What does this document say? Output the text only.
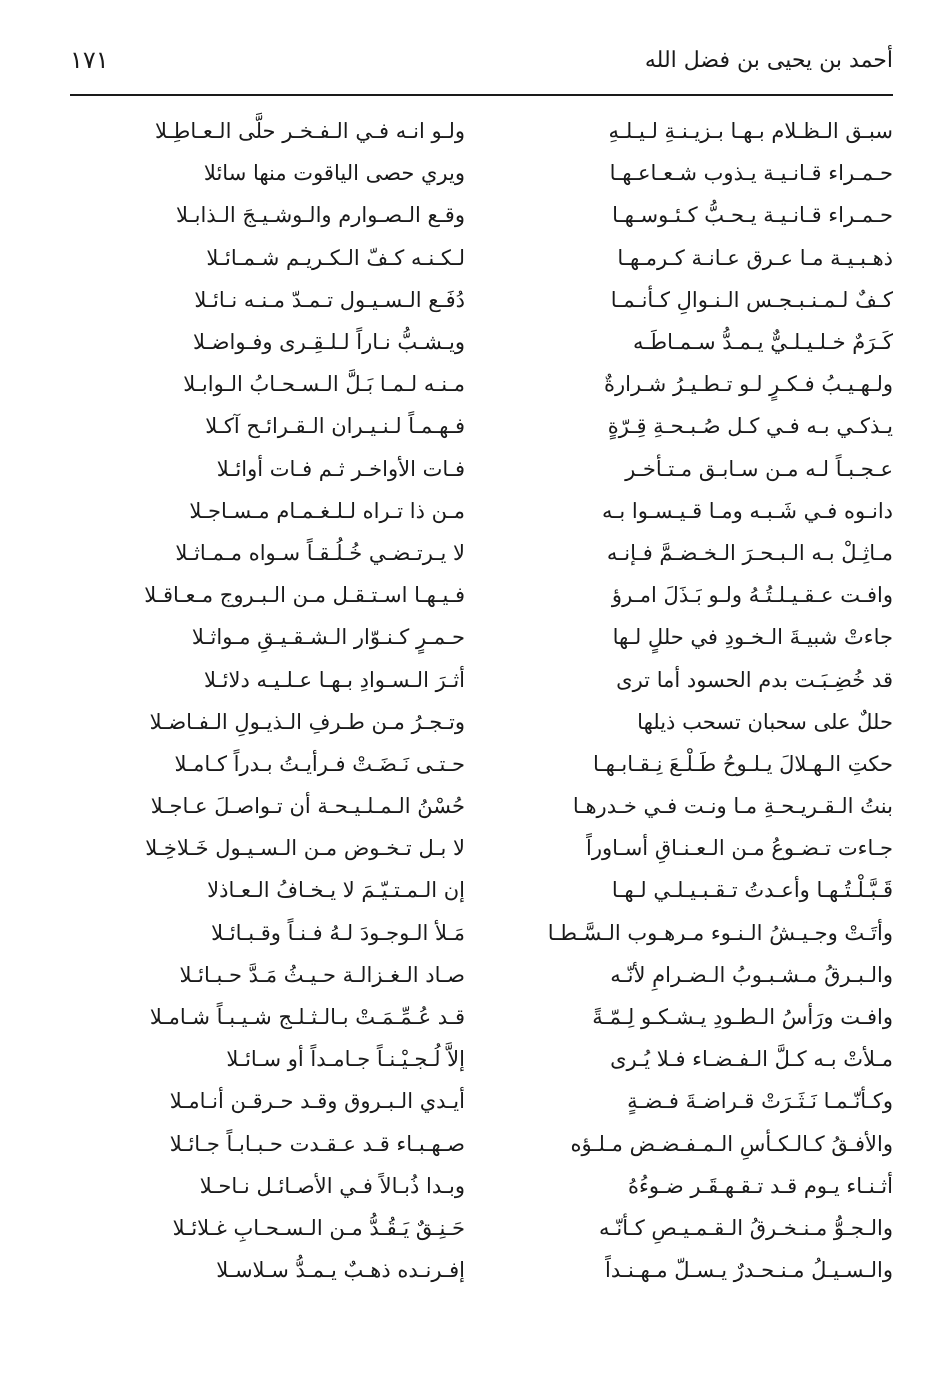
أحمد بن يحيى بن فضل الله
١٧١
سبـق الـظـلام بـهـا بـزيـنـةِ لـيـلـهِ
ولـو انـه فـي الـفـخـر حلَّى الـعـاطِـلا
حـمـراء قـانـيـة يـذوب شـعـاعـهـا
ويري حصى الياقوت منها سائلا
حـمـراء قـانـيـة يـحـبُّ كـئـوسـهـا
وقـع الـصـوارم والـوشـيـجَ الـذابـلا
ذهـبـيـة مـا عـرق عـانـة كـرمـهـا
لـكـنـه كـفّ الـكـريـم شـمـائـلا
كـفٌ لـمـنـبـجـس الـنـوالِ كـأنـمـا
دُفَـع الـسـيـول تـمـدّ مـنـه نـائـلا
كَـرَمٌ خـلـيـلـيٌّ يـمـدُّ سـمـاطَـه
ويـشـبُّ نـاراً لـلـقِـرى وفـواضـلا
ولـهـيـبُ فـكـرٍ لـو تـطـيـرُ شـرارةٌ
مـنـه لـمـا بَـلَّ الـسـحـابُ الـوابـلا
يـذكـي بـه فـي كـل صُـبـحـةِ قِـرّةٍ
فـهـمـاً لـنـيـران الـقـرائـح آكـلا
عـجـبـاً لـه مـن سـابـق مـتـأخـر
فـات الأواخـر ثـم فـات أوائـلا
دانـوه فـي شَـبـه ومـا قـيـسـوا بـه
مـن ذا تـراه لـلـغـمـام مـسـاجـلا
مـاثِـلْ بـه الـبـحـرَ الـخـضـمَّ فـإنـه
لا يـرتـضـي خُـلُـقـاً سـواه مـمـاثـلا
وافـت عـقـيـلـتُـهُ ولـو بَـذَلَ امـرؤ
فـيـهـا اسـتـقـل مـن الـبـروج مـعـاقـلا
جاءتْ شبيـةَ الـخـودِ في حللٍ لـها
حـمـرٍ كـنـوّار الـشـقـيـقِ مـواثـلا
قد خُضِـبَـت بدم الحسود أما ترى
أثـرَ الـسـوادِ بـهـا عـلـيـه دلائـلا
حللٌ على سحبان تسحب ذيلها
وتـجـرُ مـن طـرفِ الـذيـولِ الـفـاضـلا
حكتِ الـهـلالَ يـلـوحُ طَـلْـعَ نِـقـابـهـا
حـتـى نَـضَـتْ فـرأيـتُ بـدراً كـامـلا
بنتُ الـقـريـحـةِ مـا ونـت فـي خـدرهـا
حُسْنُ الـمـلـيـحـة أن تـواصـلَ عـاجـلا
جـاءت تـضـوعُ مـن الـعـنـاقِ أسـاوراً
لا بـل تـخـوض مـن الـسـيـول خَـلاخِـلا
قَـبَّـلْـتُـهـا وأعـدتُ تـقـبـيـلـي لـهـا
إن الـمـتـيّـمَ لا يـخـافُ الـعـاذلا
وأتَـتْ وجـيـشُ الـنـوء مـرهـوب الـسَّـطـا
مَـلأ الـوجـودَ لـهُ فـنـاً وقـبـائـلا
والـبـرقُ مـشـبـوبُ الـضـرامِ لأنّـه
صـاد الـغـزالـة حـيـثُ مَـدَّ حـبـائـلا
وافـت ورَأسُ الـطـودِ يـشـكـو لِـمّـةً
قـد عُـمِّـمَـتْ بـالـثـلـج شـيـبـاً شـامـلا
مـلأتْ بـه كـلَّ الـفـضـاء فـلا يُـرى
إلاَّ لُـجـيْـنـاً جـامـداً أو سـائـلا
وكـأنّـمـا نَـثَـرَتْ قـراضـةَ فـضـةٍ
أيـدي الـبـروق وقـد حـرقـن أنـامـلا
والأفـقُ كـالـكـأسِ الـمـفـضـض مـلـؤه
صـهـبـاء قـد عـقـدت حـبـابـاً جـائـلا
أثـنـاء يـوم قـد تـقـهـقَـر ضـوءُهُ
وبـدا ذُبـالاً فـي الأصـائـل نـاحـلا
والـجـوُّ مـنـخـرقُ الـقـمـيـصِ كـأنّـه
حَـنِـقٌ يَـقُـدُّ مـن الـسـحـابِ غـلائـلا
والـسـيـلُ مـنـحـدرٌ يـسـلّ مـهـنـداً
إفـرنـده ذهـبٌ يـمـدُّ سـلاسـلا
